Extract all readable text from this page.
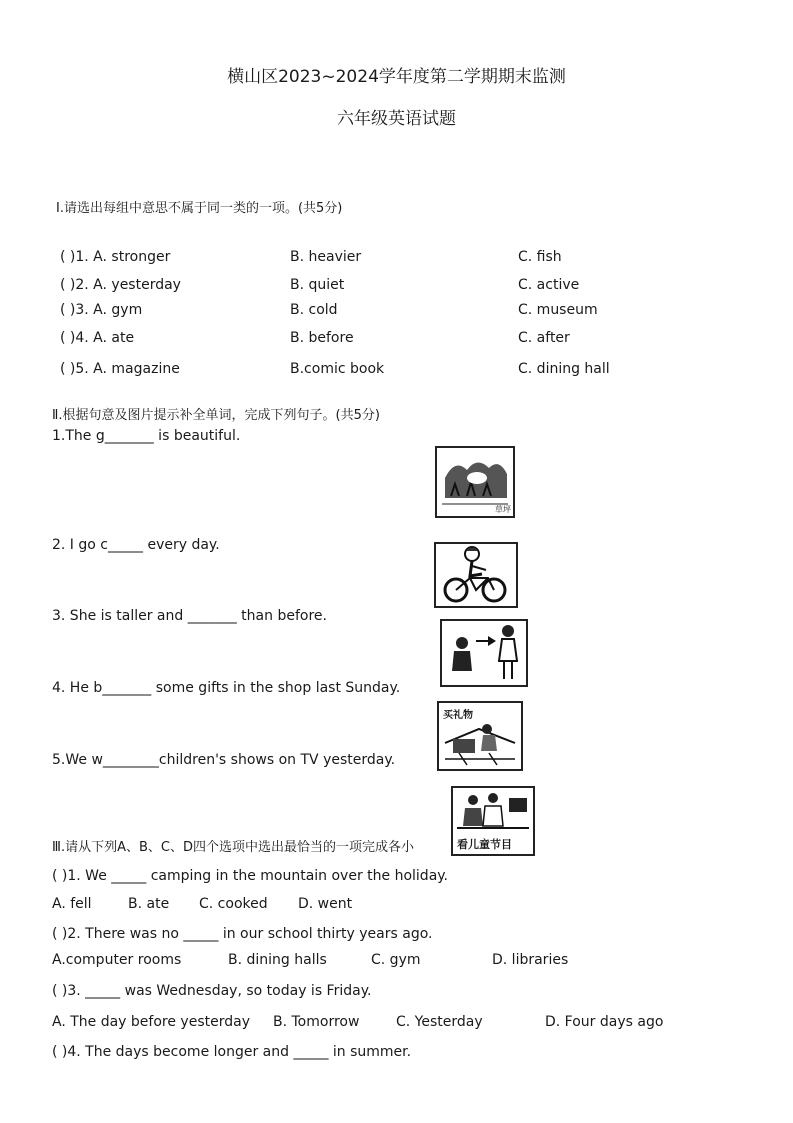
横山区2023~2024学年度第二学期期末监测
六年级英语试题
Ⅰ.请选出每组中意思不属于同一类的一项。(共5分)
( )1. A. stronger	B. heavier	C. fish
( )2. A. yesterday	B. quiet	C. active
( )3. A. gym	B. cold	C. museum
( )4. A. ate	B. before	C. after
( )5. A. magazine	B.comic book	C. dining hall
Ⅱ.根据句意及图片提示补全单词，完成下列句子。(共5分)
1.The g_______ is beautiful.
2. I go c_____ every day.
3. She is taller and _______ than before.
4. He b_______ some gifts in the shop last Sunday.
5.We w________children's shows on TV yesterday.
草坪
买礼物
看儿童节目
Ⅲ.请从下列A、B、C、D四个选项中选出最恰当的一项完成各小
( )1. We _____ camping in the mountain over the holiday.
A. fell	B. ate C. cooked D. went
( )2. There was no _____ in our school thirty years ago.
A.computer rooms	B. dining halls	C. gym	D. libraries
( )3. _____ was Wednesday, so today is Friday.
A. The day before yesterday B. Tomorrow	C. Yesterday	D. Four days ago
( )4. The days become longer and _____ in summer.
